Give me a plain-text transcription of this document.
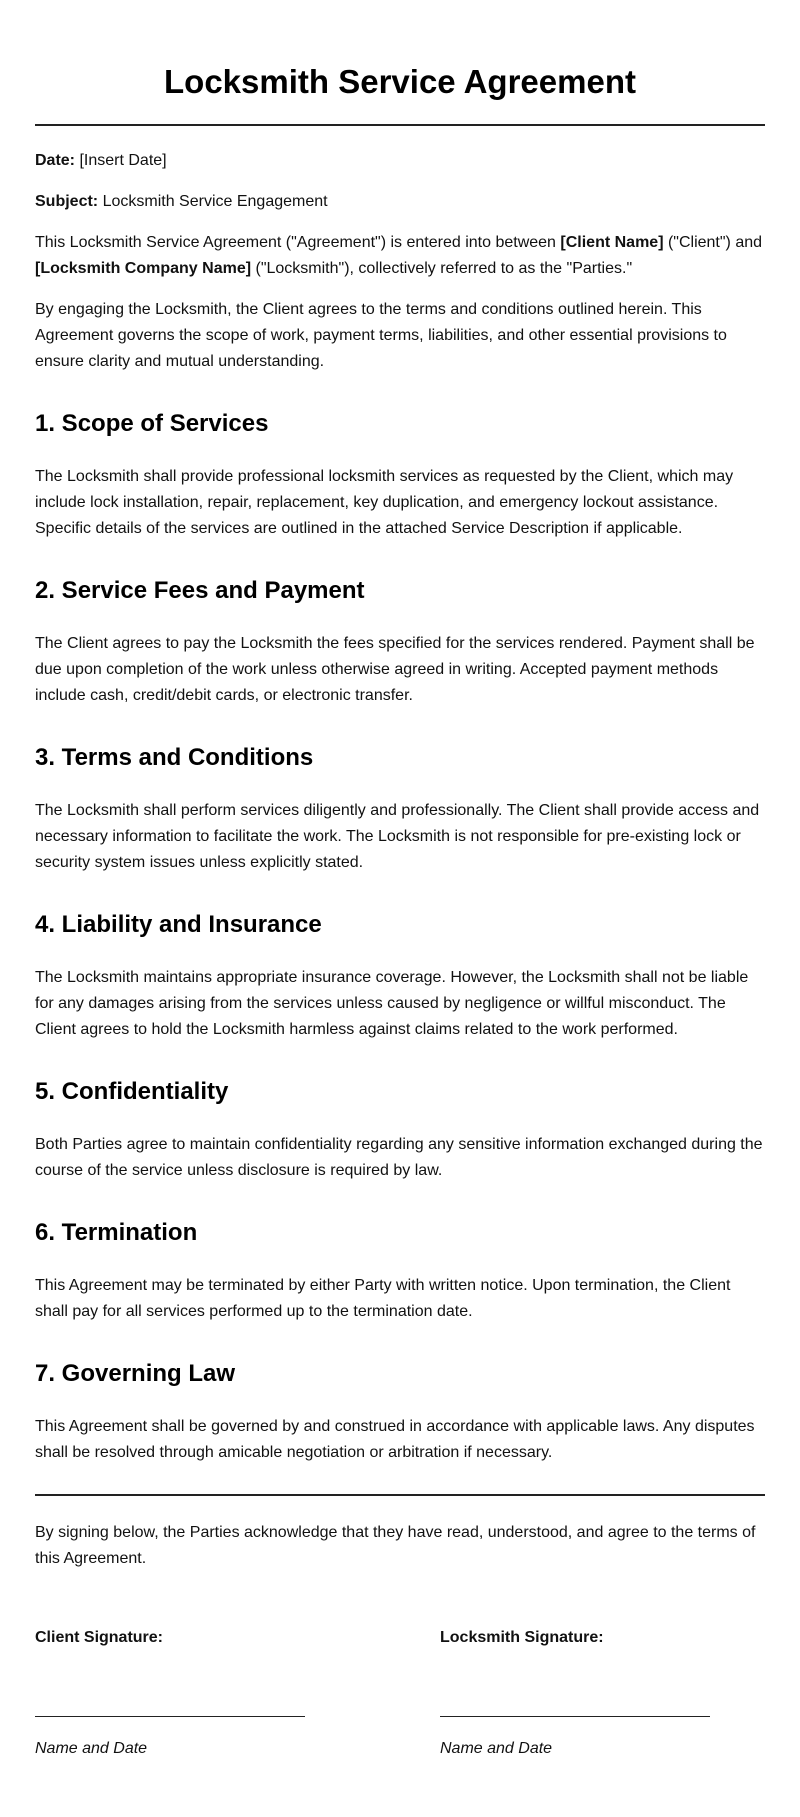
Locksmith Service Agreement

Date: [Insert Date]

Subject: Locksmith Service Engagement

This Locksmith Service Agreement ("Agreement") is entered into between [Client Name] ("Client") and [Locksmith Company Name] ("Locksmith"), collectively referred to as the "Parties."

By engaging the Locksmith, the Client agrees to the terms and conditions outlined herein. This Agreement governs the scope of work, payment terms, liabilities, and other essential provisions to ensure clarity and mutual understanding.

1. Scope of Services

The Locksmith shall provide professional locksmith services as requested by the Client, which may include lock installation, repair, replacement, key duplication, and emergency lockout assistance. Specific details of the services are outlined in the attached Service Description if applicable.

2. Service Fees and Payment

The Client agrees to pay the Locksmith the fees specified for the services rendered. Payment shall be due upon completion of the work unless otherwise agreed in writing. Accepted payment methods include cash, credit/debit cards, or electronic transfer.

3. Terms and Conditions

The Locksmith shall perform services diligently and professionally. The Client shall provide access and necessary information to facilitate the work. The Locksmith is not responsible for pre-existing lock or security system issues unless explicitly stated.

4. Liability and Insurance

The Locksmith maintains appropriate insurance coverage. However, the Locksmith shall not be liable for any damages arising from the services unless caused by negligence or willful misconduct. The Client agrees to hold the Locksmith harmless against claims related to the work performed.

5. Confidentiality

Both Parties agree to maintain confidentiality regarding any sensitive information exchanged during the course of the service unless disclosure is required by law.

6. Termination

This Agreement may be terminated by either Party with written notice. Upon termination, the Client shall pay for all services performed up to the termination date.

7. Governing Law

This Agreement shall be governed by and construed in accordance with applicable laws. Any disputes shall be resolved through amicable negotiation or arbitration if necessary.

By signing below, the Parties acknowledge that they have read, understood, and agree to the terms of this Agreement.

Client Signature:
Name and Date
Locksmith Signature:
Name and Date
